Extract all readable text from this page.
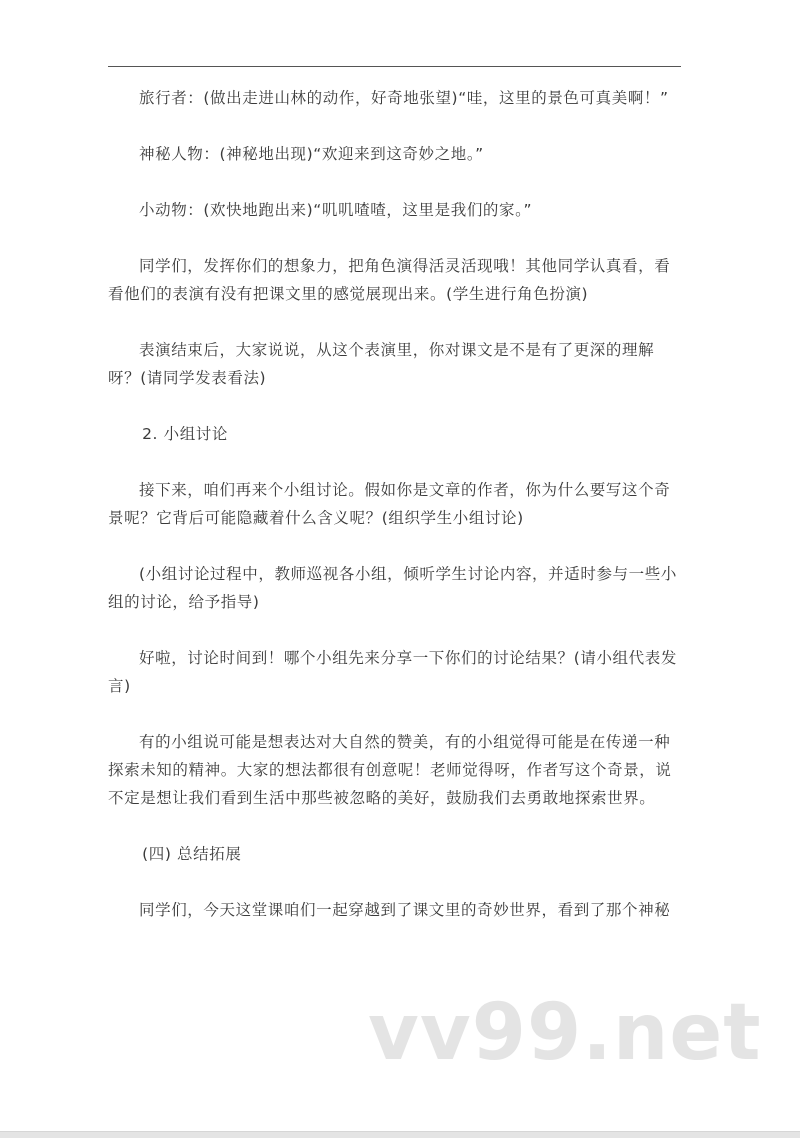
旅行者：(做出走进山林的动作，好奇地张望)“哇，这里的景色可真美啊！”

神秘人物：(神秘地出现)“欢迎来到这奇妙之地。”

小动物：(欢快地跑出来)“叽叽喳喳，这里是我们的家。”

同学们，发挥你们的想象力，把角色演得活灵活现哦！其他同学认真看，看看他们的表演有没有把课文里的感觉展现出来。(学生进行角色扮演)

表演结束后，大家说说，从这个表演里，你对课文是不是有了更深的理解呀？(请同学发表看法)

2. 小组讨论

接下来，咱们再来个小组讨论。假如你是文章的作者，你为什么要写这个奇景呢？它背后可能隐藏着什么含义呢？(组织学生小组讨论)

(小组讨论过程中，教师巡视各小组，倾听学生讨论内容，并适时参与一些小组的讨论，给予指导)

好啦，讨论时间到！哪个小组先来分享一下你们的讨论结果？(请小组代表发言)

有的小组说可能是想表达对大自然的赞美，有的小组觉得可能是在传递一种探索未知的精神。大家的想法都很有创意呢！老师觉得呀，作者写这个奇景，说不定是想让我们看到生活中那些被忽略的美好，鼓励我们去勇敢地探索世界。

(四) 总结拓展

同学们，今天这堂课咱们一起穿越到了课文里的奇妙世界，看到了那个神秘

vv99.net
